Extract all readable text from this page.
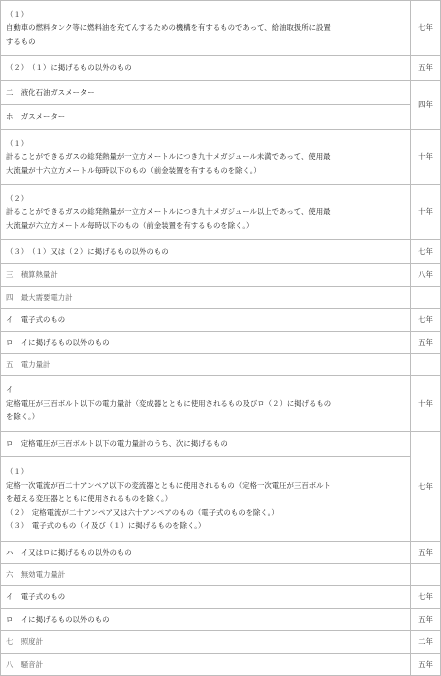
（１）
自動車の燃料タンク等に燃料油を充てんするための機構を有するものであって、給油取扱所に設置
するもの	七年

（２）　（１）に掲げるもの以外のもの	五年

二　液化石油ガスメーター	四年

ホ　ガスメーター	

（１）
計ることができるガスの総発熱量が一立方メートルにつき九十メガジュール未満であって、使用最
大流量が十六立方メートル毎時以下のもの（前金装置を有するものを除く。）	十年

（２）
計ることができるガスの総発熱量が一立方メートルにつき九十メガジュール以上であって、使用最
大流量が六立方メートル毎時以下のもの（前金装置を有するものを除く。）	十年

（３）　（１）又は（２）に掲げるもの以外のもの	七年

三　積算熱量計	八年

四　最大需要電力計	

イ　電子式のもの	七年

ロ　イに掲げるもの以外のもの	五年

五　電力量計	

イ
定格電圧が三百ボルト以下の電力量計（変成器とともに使用されるもの及びロ（２）に掲げるもの
を除く。）	十年

ロ　定格電圧が三百ボルト以下の電力量計のうち、次に掲げるもの	七年

（１）
定格一次電流が百二十アンペア以下の変流器とともに使用されるもの（定格一次電圧が三百ボルト
を超える変圧器とともに使用されるものを除く。）
（２）　定格電流が二十アンペア又は六十アンペアのもの（電子式のものを除く。）
（３）　電子式のもの（イ及び（１）に掲げるものを除く。）	

ハ　イ又はロに掲げるもの以外のもの	五年

六　無効電力量計	

イ　電子式のもの	七年

ロ　イに掲げるもの以外のもの	五年

七　照度計	二年

八　騒音計	五年
